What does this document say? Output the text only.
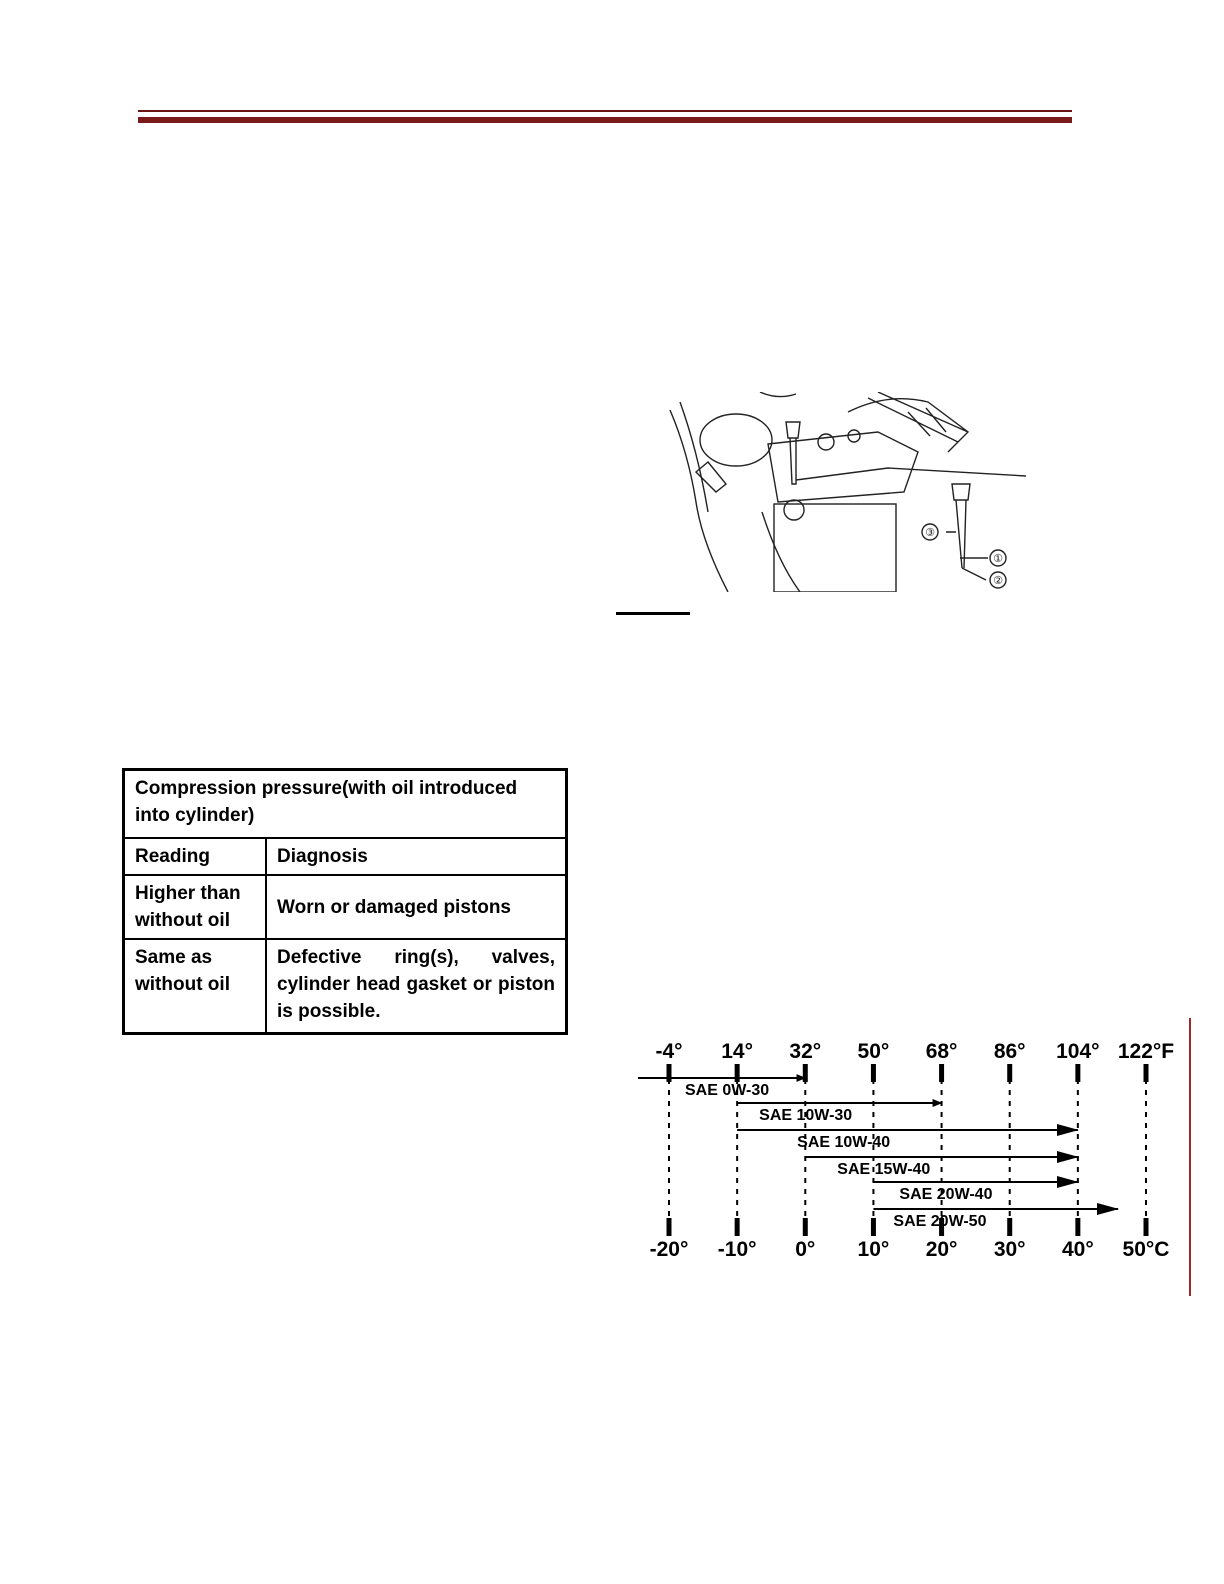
①
②
③
Compression pressure(with oil introduced into cylinder)	
Reading	Diagnosis
Higher than without oil	Worn or damaged pistons
Same as without oil	Defective ring(s), valves, cylinder head gasket or piston is possible.
-4°
-20°
14°
-10°
32°
0°
50°
10°
68°
20°
86°
30°
104°
40°
122°F
50°C
SAE 0W-30
SAE 10W-30
SAE 10W-40
SAE 15W-40
SAE 20W-40
SAE 20W-50
